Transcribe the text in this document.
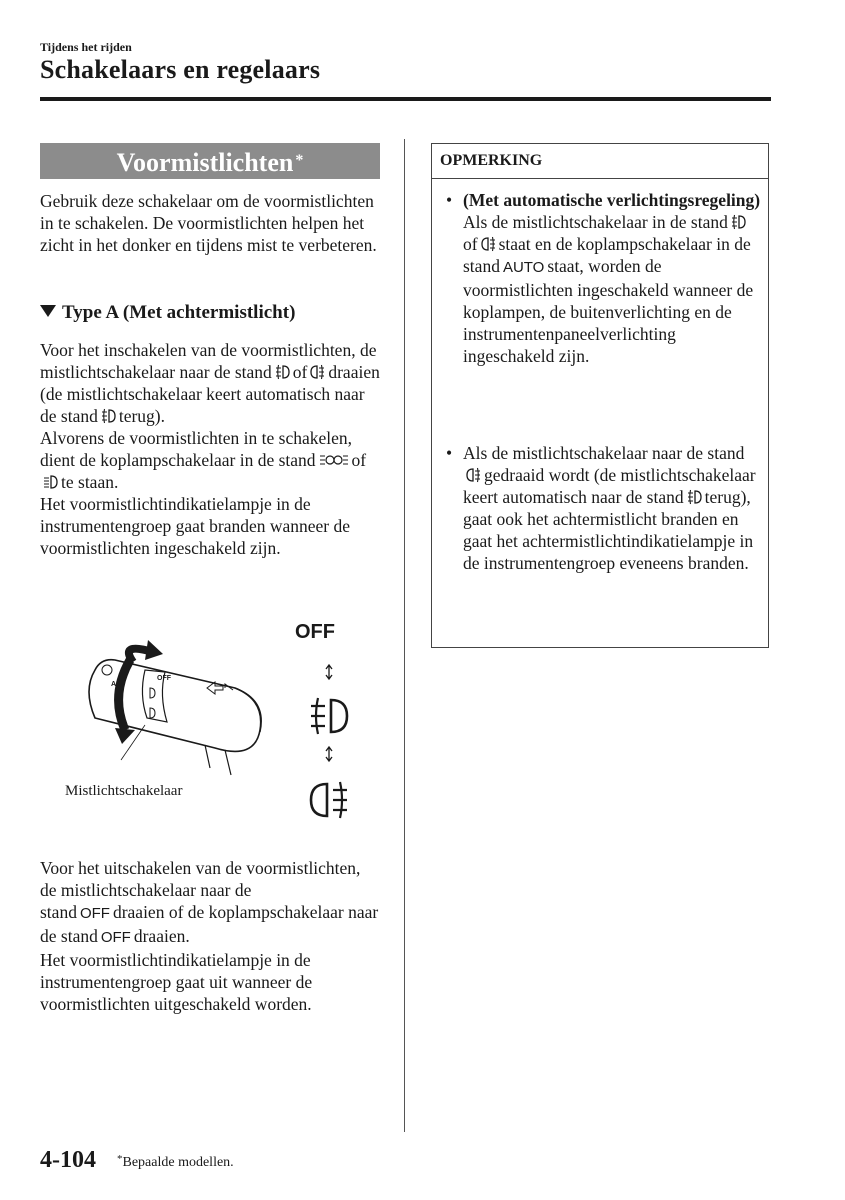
Tijdens het rijden
Schakelaars en regelaars
Voormistlichten *
Gebruik deze schakelaar om de voormistlichten in te schakelen. De voormistlichten helpen het zicht in het donker en tijdens mist te verbeteren.
Type A (Met achtermistlicht)

Voor het inschakelen van de voormistlichten, de mistlichtschakelaar naar de stand of draaien (de mistlichtschakelaar keert automatisch naar de stand terug).

Alvorens de voormistlichten in te schakelen, dient de koplampschakelaar in de stand ofte staan.

Het voormistlichtindikatielampje in de instrumentengroep gaat branden wanneer de voormistlichten ingeschakeld zijn.

OFF
AU
OFF
Mistlichtschakelaar

Voor het uitschakelen van de voormistlichten, de mistlichtschakelaar naar de stand OFF draaien of de koplampschakelaar naar de stand OFF draaien.

Het voormistlichtindikatielampje in de instrumentengroep gaat uit wanneer de voormistlichten uitgeschakeld worden.

OPMERKING
• (Met automatische verlichtingsregeling)
Als de mistlichtschakelaar in de standof staat en de koplampschakelaar in de stand AUTO staat, worden de voormistlichten ingeschakeld wanneer de koplampen, de buitenverlichting en de instrumentenpaneelverlichting ingeschakeld zijn.
• Als de mistlichtschakelaar naar de standgedraaid wordt (de mistlichtschakelaar keert automatisch naar de stand terug), gaat ook het achtermistlicht branden en gaat het achtermistlichtindikatielampje in de instrumentengroep eveneens branden.
4-104 *Bepaalde modellen.
